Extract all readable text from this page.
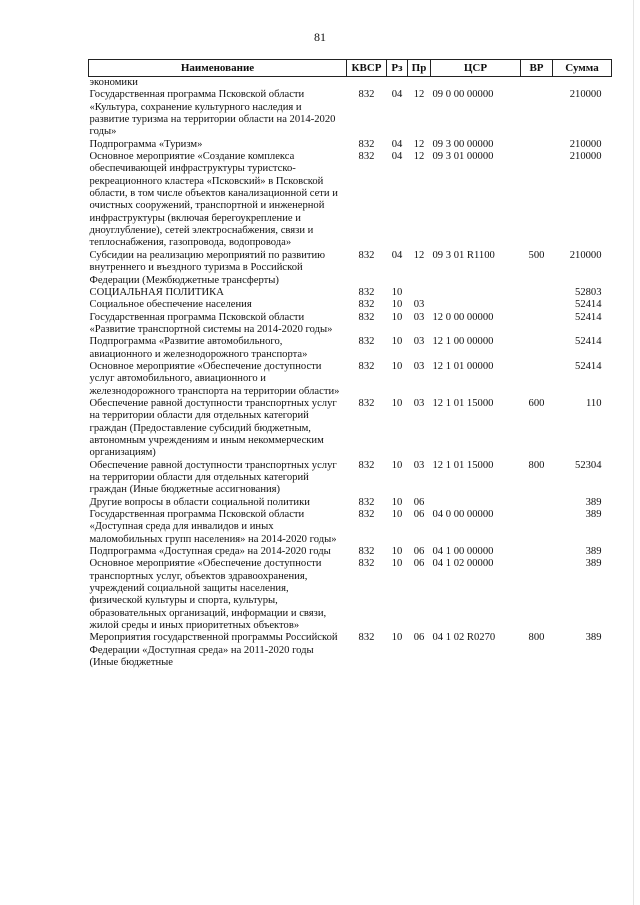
81
Наименование	КВСР	Рз	Пр	ЦСР	ВР	Сумма
экономики						
Государственная программа Псковской области «Культура, сохранение культурного наследия и развитие туризма на территории области на 2014-2020 годы»	832	04	12	09 0 00 00000		210000
Подпрограмма «Туризм»	832	04	12	09 3 00 00000		210000
Основное мероприятие «Создание комплекса обеспечивающей инфраструктуры туристско-рекреационного кластера «Псковский» в Псковской области, в том числе объектов канализационной сети и очистных сооружений, транспортной и инженерной инфраструктуры (включая берегоукрепление и дноуглубление), сетей электроснабжения, связи и теплоснабжения, газопровода, водопровода»	832	04	12	09 3 01 00000		210000
Субсидии на реализацию мероприятий по развитию внутреннего и въездного туризма в Российской Федерации (Межбюджетные трансферты)	832	04	12	09 3 01 R1100	500	210000
СОЦИАЛЬНАЯ ПОЛИТИКА	832	10				52803
Социальное обеспечение населения	832	10	03			52414
Государственная программа Псковской области «Развитие транспортной системы на 2014-2020 годы»	832	10	03	12 0 00 00000		52414
Подпрограмма «Развитие автомобильного, авиационного и железнодорожного транспорта»	832	10	03	12 1 00 00000		52414
Основное мероприятие «Обеспечение доступности услуг автомобильного, авиационного и железнодорожного транспорта на территории области»	832	10	03	12 1 01 00000		52414
Обеспечение равной доступности транспортных услуг на территории области для отдельных категорий граждан (Предоставление субсидий бюджетным, автономным учреждениям и иным некоммерческим организациям)	832	10	03	12 1 01 15000	600	110
Обеспечение равной доступности транспортных услуг на территории области для отдельных категорий граждан (Иные бюджетные ассигнования)	832	10	03	12 1 01 15000	800	52304
Другие вопросы в области социальной политики	832	10	06			389
Государственная программа Псковской области «Доступная среда для инвалидов и иных маломобильных групп населения» на 2014-2020 годы»	832	10	06	04 0 00 00000		389
Подпрограмма «Доступная среда» на 2014-2020 годы	832	10	06	04 1 00 00000		389
Основное мероприятие «Обеспечение доступности транспортных услуг, объектов здравоохранения, учреждений социальной защиты населения, физической культуры и спорта, культуры, образовательных организаций, информации и связи, жилой среды и иных приоритетных объектов»	832	10	06	04 1 02 00000		389
Мероприятия государственной программы Российской Федерации «Доступная среда» на 2011-2020 годы (Иные бюджетные	832	10	06	04 1 02 R0270	800	389
